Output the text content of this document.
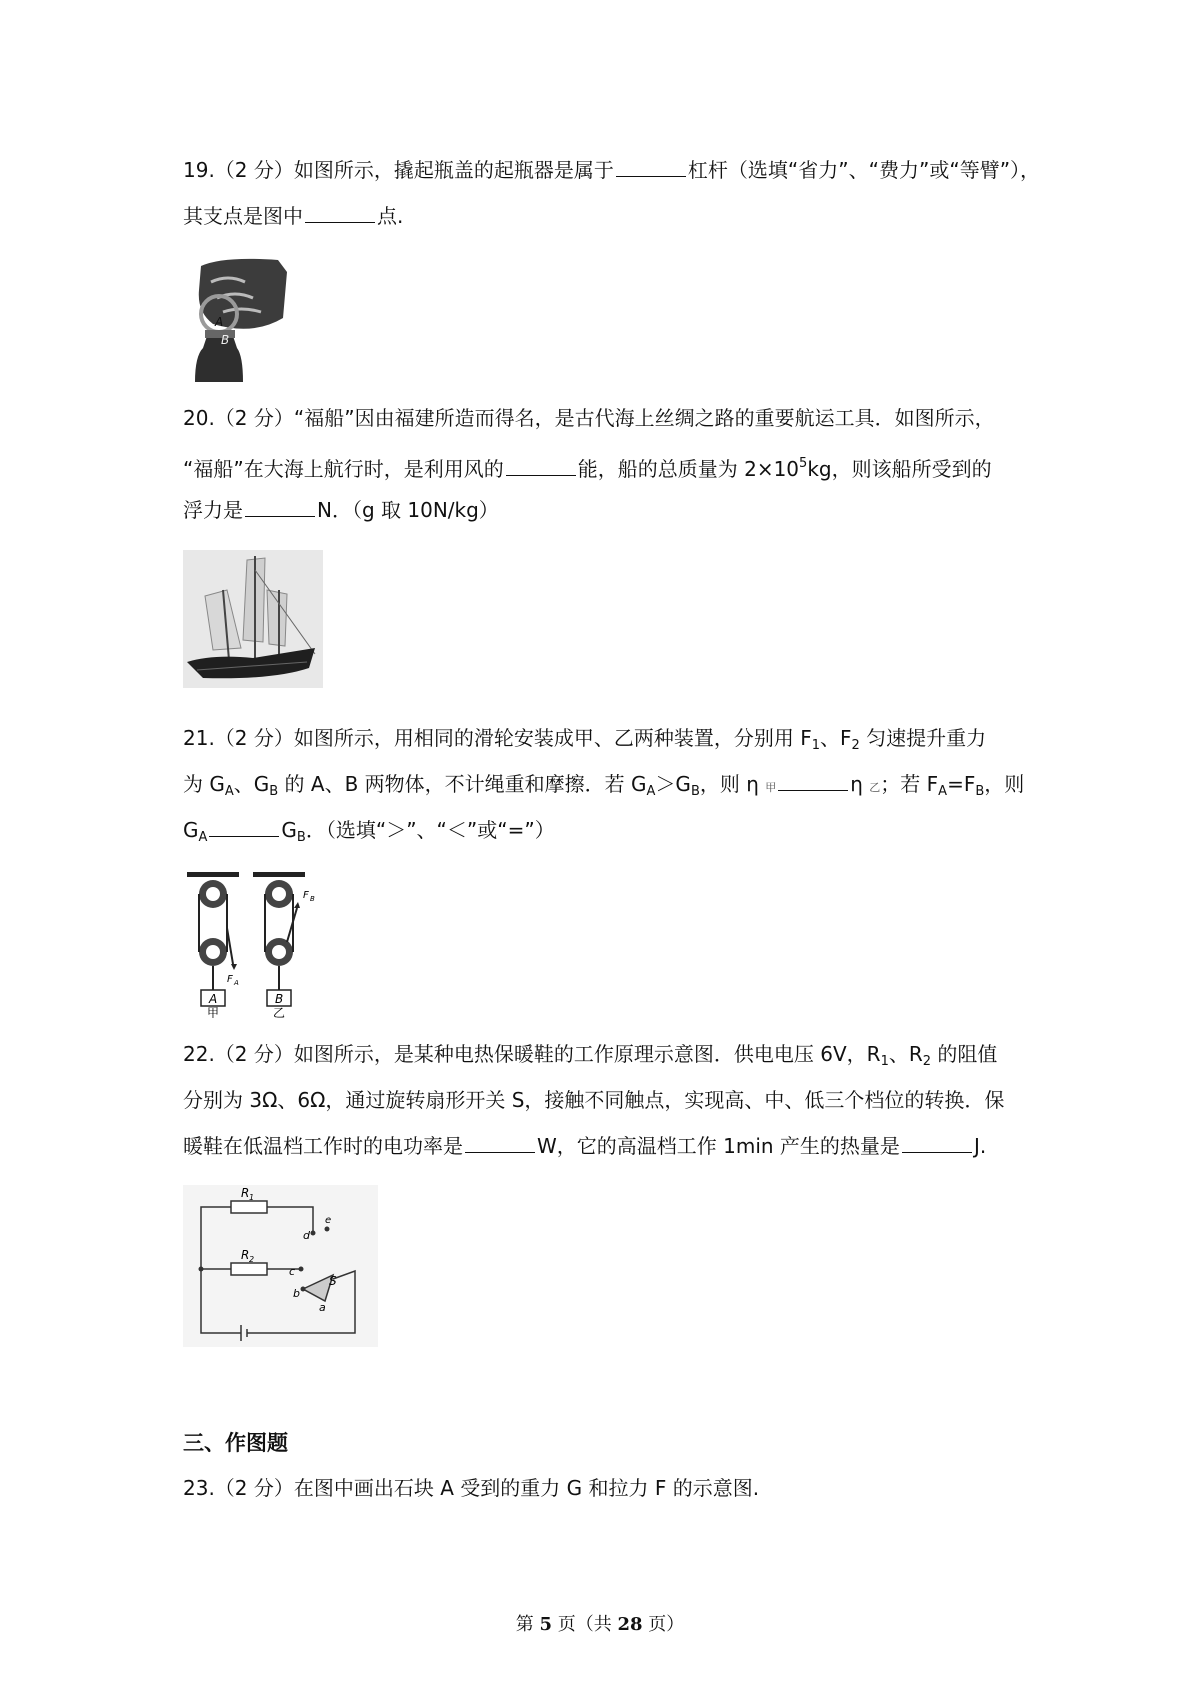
19.（2 分）如图所示，撬起瓶盖的起瓶器是属于	杠杆（选填“省力”、“费力”或“等臂”），
其支点是图中	点.
A
B
20.（2 分）“福船”因由福建所造而得名，是古代海上丝绸之路的重要航运工具．如图所示，
“福船”在大海上航行时，是利用风的	能，船的总质量为 $2\times 10^5kg$，则该船所受到的
浮力是	N．（g 取 10N/kg）
21.（2 分）如图所示，用相同的滑轮安装成甲、乙两种装置，分别用 $F_1$、$F_2$ 匀速提升重力
为 $G_A$、$G_B$ 的 A、B 两物体，不计绳重和摩擦．若 $G_A>G_B$，则 η 甲	η 乙；若 $F_A=F_B$，则
$G_A$	$G_B$．（选填“＞”、“＜”或“=”）
A
F A
甲
B
F B
乙
22.（2 分）如图所示，是某种电热保暖鞋的工作原理示意图．供电电压 6V，$R_1$、$R_2$ 的阻值
分别为 3Ω、6Ω，通过旋转扇形开关 S，接触不同触点，实现高、中、低三个档位的转换．保
暖鞋在低温档工作时的电功率是	W，它的高温档工作 1min 产生的热量是	J.
R 1
R 2
d
e
c
b
a
S
三、作图题
23.（2 分）在图中画出石块 A 受到的重力 G 和拉力 F 的示意图.
第 5 页（共 28 页）
